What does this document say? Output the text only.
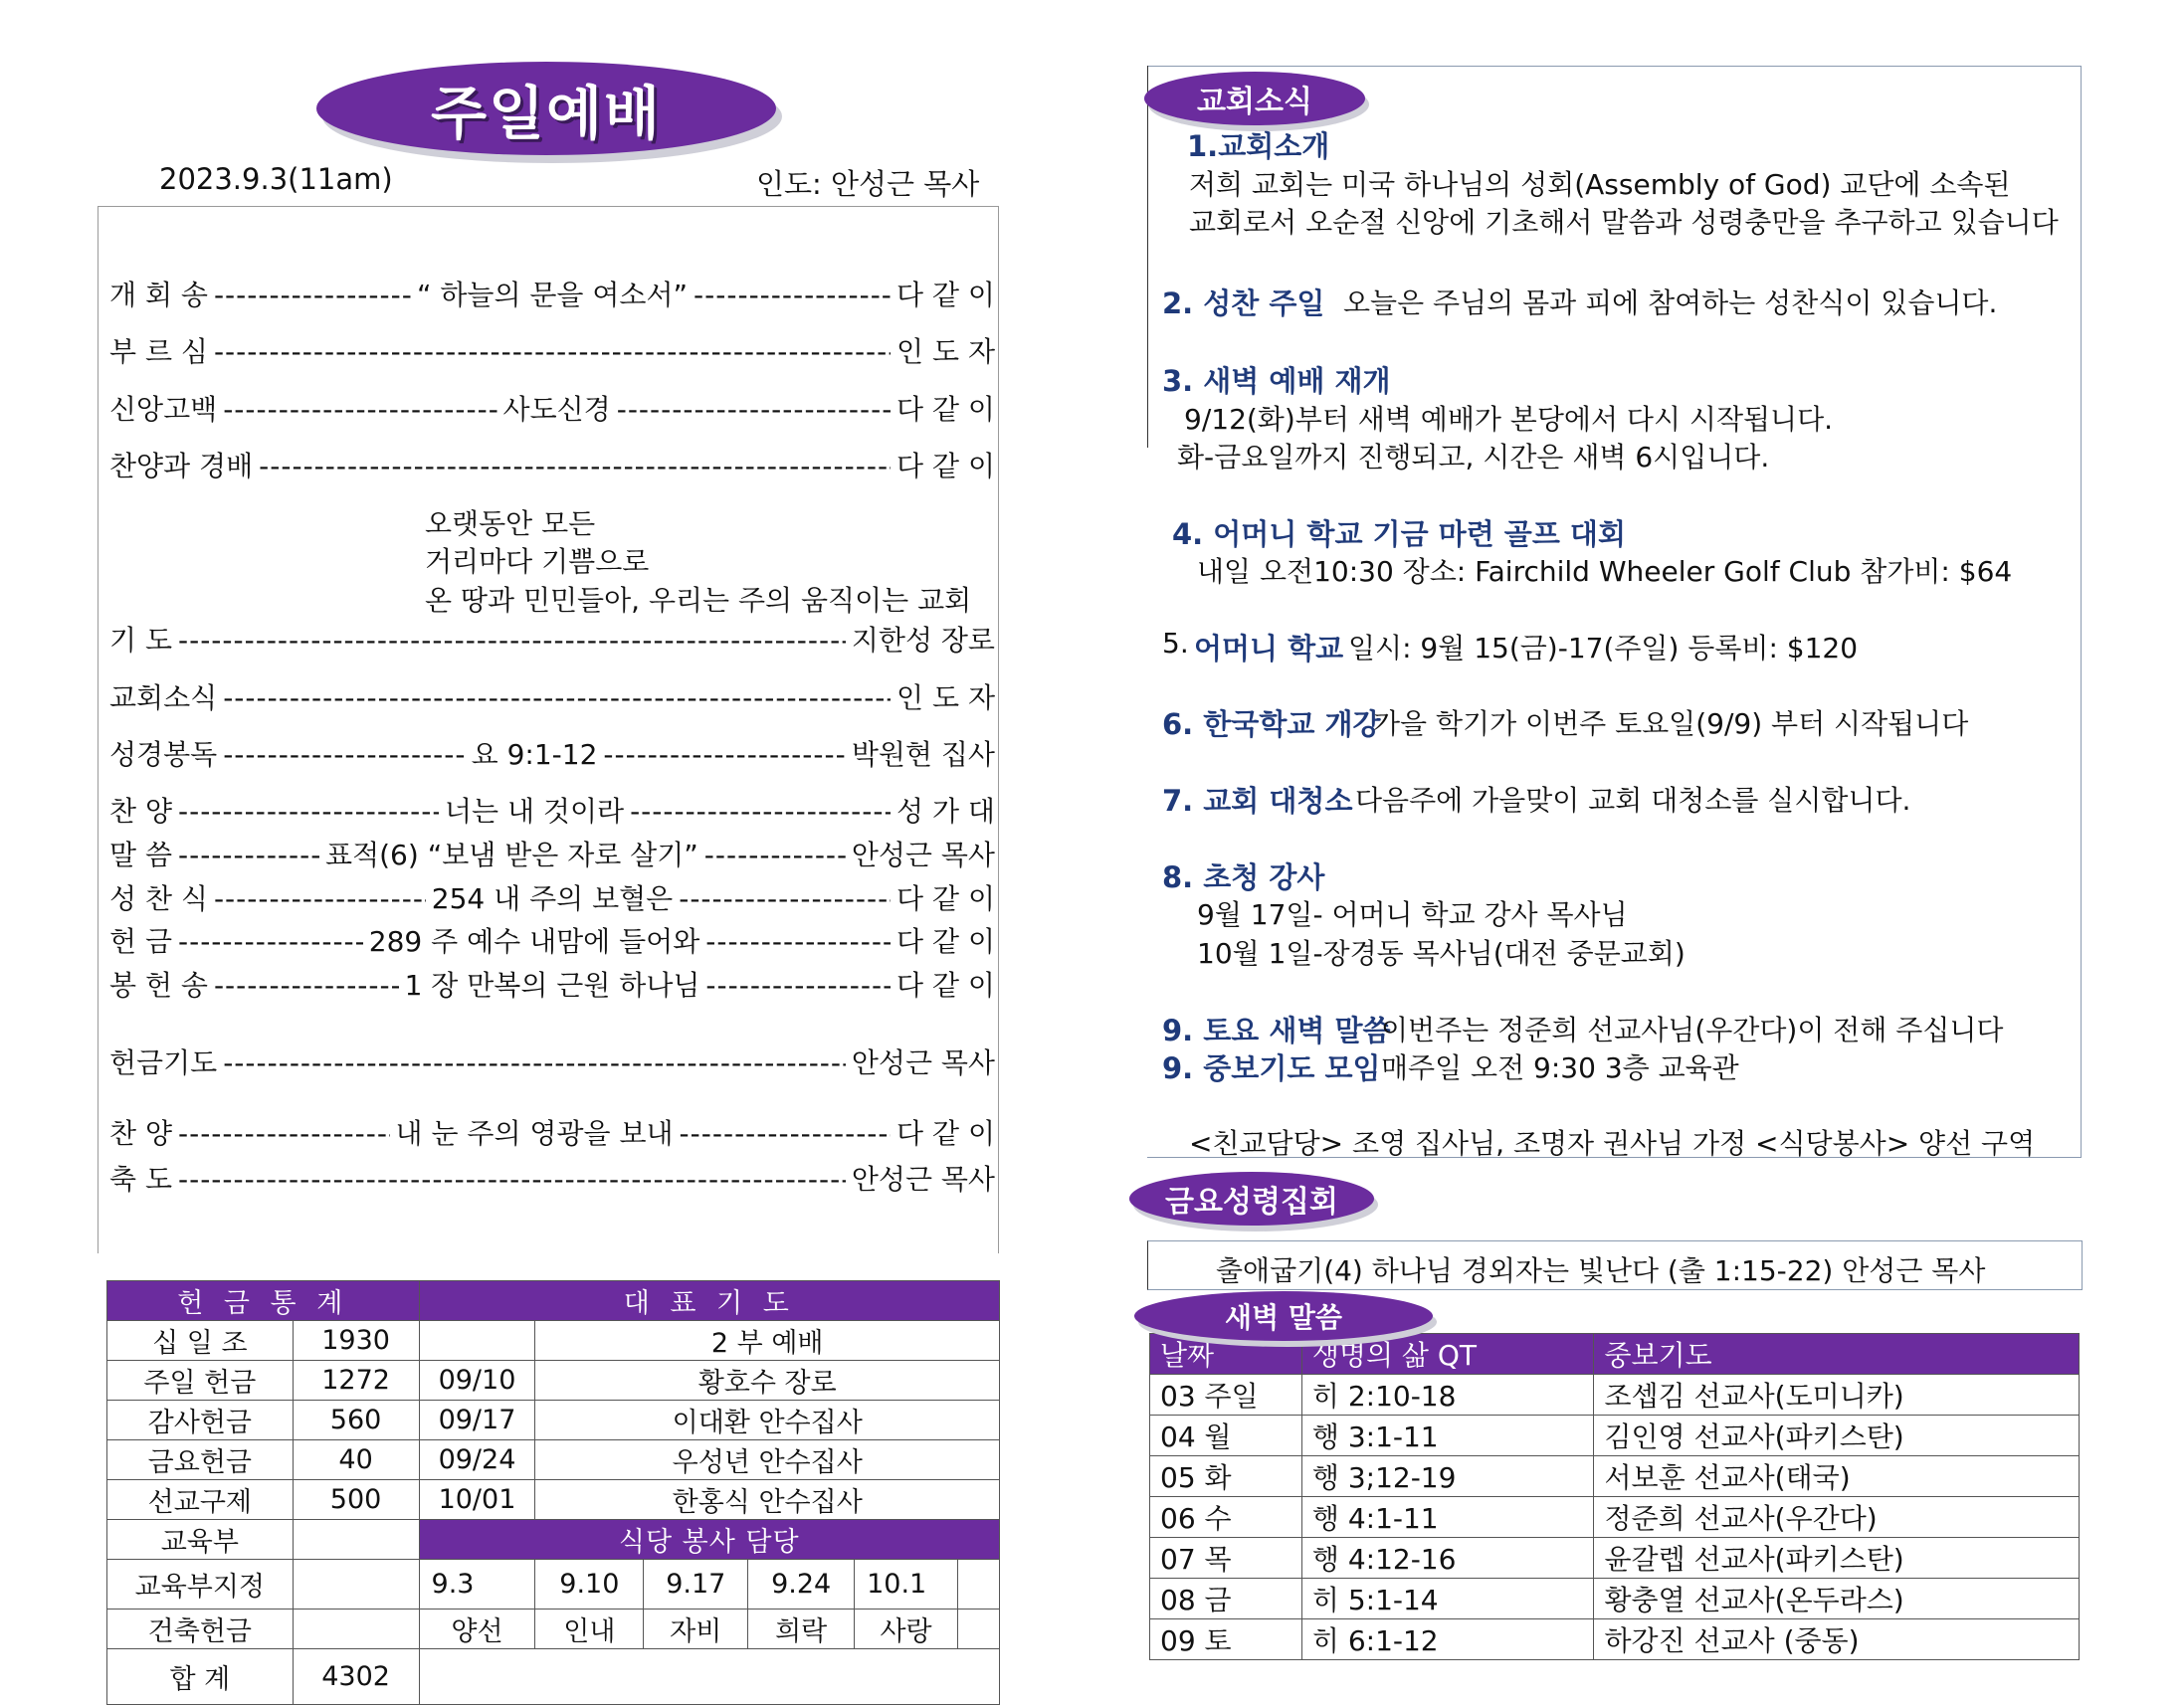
주일예배
2023.9.3(11am)	인도: 안성근 목사
개 회 송 -----	“ 하늘의 문을 여소서” -----	다 같 이
부 르 심 -----	인 도 자
신앙고백 -----	사도신경 -----	다 같 이
찬양과 경배 -----	다 같 이
기 도 -----	지한성 장로
교회소식 -----	인 도 자
성경봉독 -----	요 9:1-12 -----	박원현 집사
찬 양 -----	너는 내 것이라 -----	성 가 대
말 씀 -----	표적(6) “보냄 받은 자로 살기” -----	안성근 목사
성 찬 식 -----	254 내 주의 보혈은 -----	다 같 이
헌 금 -----	289 주 예수 내맘에 들어와 -----	다 같 이
봉 헌 송 -----	1 장 만복의 근원 하나님 -----	다 같 이
헌금기도 -----	안성근 목사
찬 양 -----	내 눈 주의 영광을 보내 -----	다 같 이
축 도 -----	안성근 목사
오랫동안 모든
거리마다 기쁨으로
온 땅과 민민들아, 우리는 주의 움직이는 교회
헌 금 통 계		대 표 기 도					
십 일 조	1930		2 부 예배				
주일 헌금	1272	09/10	황호수 장로				
감사헌금	560	09/17	이대환 안수집사				
금요헌금	40	09/24	우성년 안수집사				
선교구제	500	10/01	한홍식 안수집사				
교육부		식당 봉사 담당					
교육부지정		9.3	9.10	9.17	9.24	10.1	
건축헌금		양선	인내	자비	희락	사랑	
합 계	4302						
교회소식
1.교회소개
저희 교회는 미국 하나님의 성회(Assembly of God) 교단에 소속된
교회로서 오순절 신앙에 기초해서 말씀과 성령충만을 추구하고 있습니다
2. 성찬 주일 오늘은 주님의 몸과 피에 참여하는 성찬식이 있습니다.
3. 새벽 예배 재개
9/12(화)부터 새벽 예배가 본당에서 다시 시작됩니다.
화-금요일까지 진행되고, 시간은 새벽 6시입니다.
4. 어머니 학교 기금 마련 골프 대회
내일 오전10:30 장소: Fairchild Wheeler Golf Club 참가비: $64
5. 어머니 학교 일시: 9월 15(금)-17(주일) 등록비: $120
6. 한국학교 개강
가을 학기가 이번주 토요일(9/9) 부터 시작됩니다
7. 교회 대청소 다음주에 가을맞이 교회 대청소를 실시합니다.
8. 초청 강사
9월 17일- 어머니 학교 강사 목사님
10월 1일-장경동 목사님(대전 중문교회)
9. 토요 새벽 말씀
이번주는 정준희 선교사님(우간다)이 전해 주십니다
9. 중보기도 모임 매주일 오전 9:30 3층 교육관
<친교담당> 조영 집사님, 조명자 권사님 가정 <식당봉사> 양선 구역
금요성령집회
출애굽기(4) 하나님 경외자는 빛난다 (출 1:15-22) 안성근 목사
날짜	생명의 삶 QT	중보기도
03 주일	히 2:10-18	조셉김 선교사(도미니카)
04 월	행 3:1-11	김인영 선교사(파키스탄)
05 화	행 3;12-19	서보훈 선교사(태국)
06 수	행 4:1-11	정준희 선교사(우간다)
07 목	행 4:12-16	윤갈렙 선교사(파키스탄)
08 금	히 5:1-14	황충열 선교사(온두라스)
09 토	히 6:1-12	하강진 선교사 (중동)
새벽 말씀
